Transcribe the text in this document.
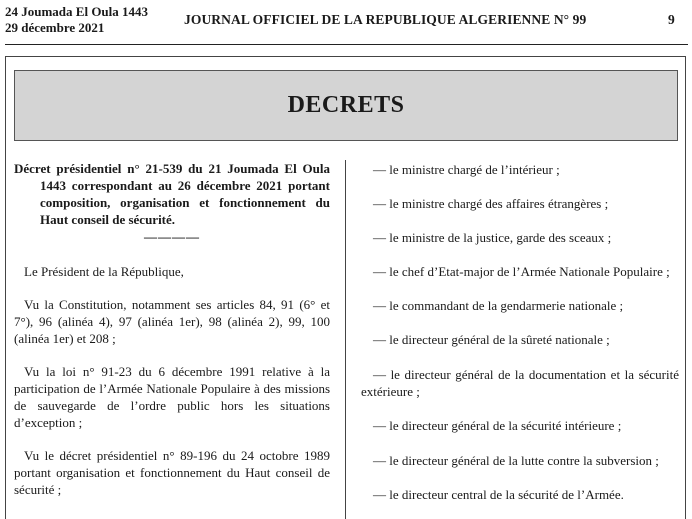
24 Joumada El Oula 1443
29 décembre 2021
JOURNAL OFFICIEL DE LA REPUBLIQUE ALGERIENNE N° 99	9
DECRETS
Décret présidentiel n° 21-539 du 21 Joumada El Oula 1443 correspondant au 26 décembre 2021 portant composition, organisation et fonctionnement du Haut conseil de sécurité.
————

Le Président de la République,

Vu la Constitution, notamment ses articles 84, 91 (6° et 7°), 96 (alinéa 4), 97 (alinéa 1er), 98 (alinéa 2), 99, 100 (alinéa 1er) et 208 ;

Vu la loi n° 91-23 du 6 décembre 1991 relative à la participation de l’Armée Nationale Populaire à des missions de sauvegarde de l’ordre public hors les situations d’exception ;

Vu le décret présidentiel n° 89-196 du 24 octobre 1989 portant organisation et fonctionnement du Haut conseil de sécurité ;

— le ministre chargé de l’intérieur ;
— le ministre chargé des affaires étrangères ;
— le ministre de la justice, garde des sceaux ;
— le chef d’Etat-major de l’Armée Nationale Populaire ;
— le commandant de la gendarmerie nationale ;
— le directeur général de la sûreté nationale ;
— le directeur général de la documentation et la sécurité extérieure ;
— le directeur général de la sécurité intérieure ;
— le directeur général de la lutte contre la subversion ;
— le directeur central de la sécurité de l’Armée.
